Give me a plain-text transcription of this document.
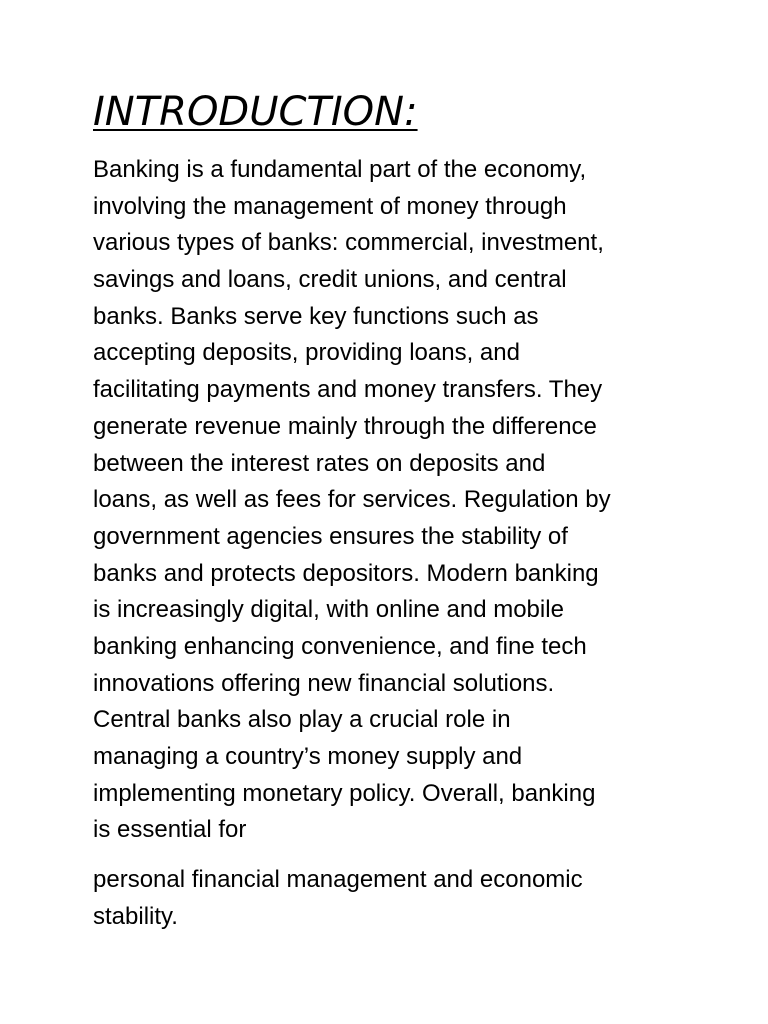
INTRODUCTION:
Banking is a fundamental part of the economy,
involving the management of money through
various types of banks: commercial, investment,
savings and loans, credit unions, and central
banks. Banks serve key functions such as
accepting deposits, providing loans, and
facilitating payments and money transfers. They
generate revenue mainly through the difference
between the interest rates on deposits and
loans, as well as fees for services. Regulation by
government agencies ensures the stability of
banks and protects depositors. Modern banking
is increasingly digital, with online and mobile
banking enhancing convenience, and fine tech
innovations offering new financial solutions.
Central banks also play a crucial role in
managing a country’s money supply and
implementing monetary policy. Overall, banking
is essential for
personal financial management and economic
stability.
